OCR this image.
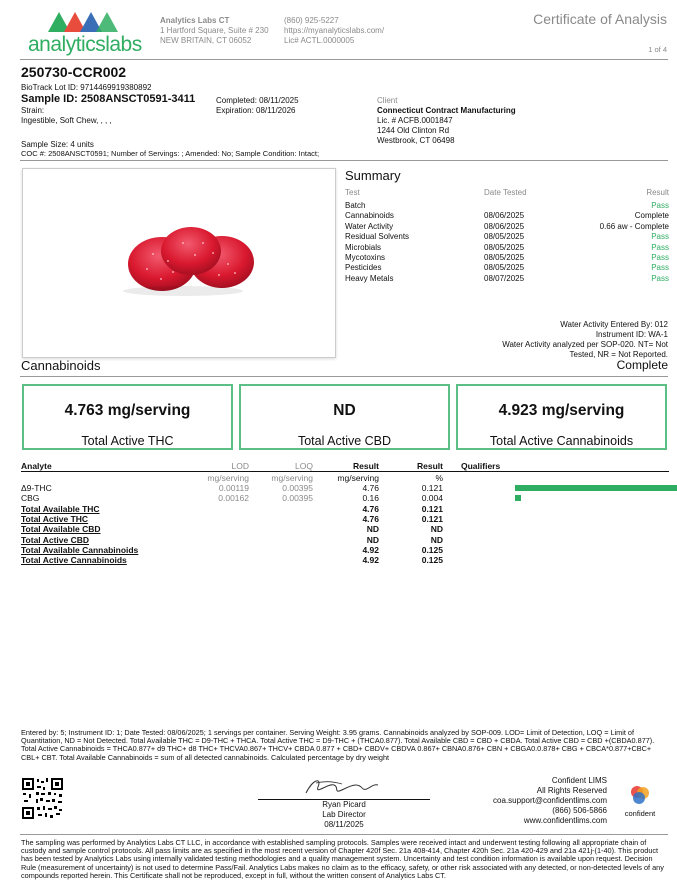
analyticslabs
Analytics Labs CT
1 Hartford Square, Suite # 230
NEW BRITAIN, CT 06052
(860) 925-5227
https://myanalyticslabs.com/
Lic# ACTL.0000005
Certificate of Analysis
1 of 4
250730-CCR002
BioTrack Lot ID: 9714469919380892
Sample ID: 2508ANSCT0591-3411
Strain:
Ingestible, Soft Chew, , , ,
Completed: 08/11/2025
Expiration: 08/11/2026
Sample Size: 4 units
COC #: 2508ANSCT0591; Number of Servings: ; Amended: No; Sample Condition: Intact;
Client
Connecticut Contract Manufacturing
Lic. # ACFB.0001847
1244 Old Clinton Rd
Westbrook, CT 06498
Summary
Test	Date Tested	Result
Batch	Pass
Cannabinoids	08/06/2025	Complete
Water Activity	08/06/2025	0.66 aw - Complete
Residual Solvents	08/05/2025	Pass
Microbials	08/05/2025	Pass
Mycotoxins	08/05/2025	Pass
Pesticides	08/05/2025	Pass
Heavy Metals	08/07/2025	Pass
Water Activity Entered By: 012
Instrument ID: WA-1
Water Activity analyzed per SOP-020. NT= Not
Tested, NR = Not Reported.
Cannabinoids	Complete
4.763 mg/serving
Total Active THC
ND
Total Active CBD
4.923 mg/serving
Total Active Cannabinoids
Analyte	LOD	LOQ	Result	Result Qualifiers
mg/serving	mg/serving	mg/serving	%
Δ9-THC	0.00119	0.00395	4.76	0.121
CBG	0.00162	0.00395	0.16	0.004
Total Available THC	4.76	0.121
Total Active THC	4.76	0.121
Total Available CBD	ND	ND
Total Active CBD	ND	ND
Total Available Cannabinoids	4.92	0.125
Total Active Cannabinoids	4.92	0.125
Entered by: 5; Instrument ID: 1; Date Tested: 08/06/2025; 1 servings per container. Serving Weight: 3.95 grams. Cannabinoids analyzed by SOP-009. LOD= Limit of Detection, LOQ = Limit of Quantitation, ND = Not Detected. Total Available THC = D9-THC + THCA. Total Active THC = D9-THC + (THCA0.877). Total Available CBD = CBD + CBDA. Total Active CBD = CBD +(CBDA0.877). Total Active Cannabinoids = THCA0.877+ d9 THC+ d8 THC+ THCVA0.867+ THCV+ CBDA 0.877 + CBD+ CBDV+ CBDVA 0.867+ CBNA0.876+ CBN + CBGA0.0.878+ CBG + CBCA*0.877+CBC+ CBL+ CBT. Total Available Cannabinoids = sum of all detected cannabinoids. Calculated percentage by dry weight
Ryan Picard
Lab Director
08/11/2025
Confident LIMS
All Rights Reserved
coa.support@confidentlims.com
(866) 506-5866
www.confidentlims.com
confident
The sampling was performed by Analytics Labs CT LLC, in accordance with established sampling protocols. Samples were received intact and underwent testing following all appropriate chain of custody and sample control protocols. All pass limits are as specified in the most recent version of Chapter 420f Sec. 21a 408-414, Chapter 420h Sec. 21a 420-429 and 21a 421j-(1-40). This product has been tested by Analytics Labs using internally validated testing methodologies and a quality management system. Uncertainty and test condition information is available upon request. Decision Rule (measurement of uncertainty) is not used to determine Pass/Fail. Analytics Labs makes no claim as to the efficacy, safety, or other risk associated with any detected, or non-detected levels of any compounds reported herein. This Certificate shall not be reproduced, except in full, without the written consent of Analytics Labs CT.
